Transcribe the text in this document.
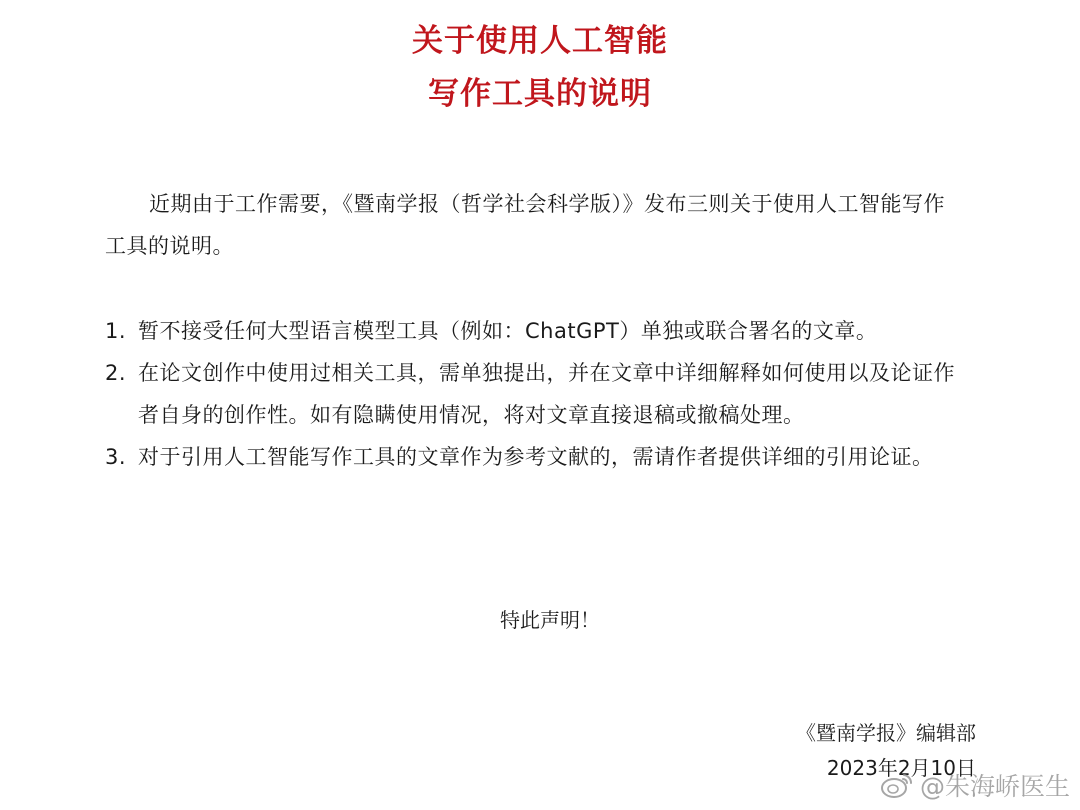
关于使用人工智能
写作工具的说明
近期由于工作需要，《暨南学报（哲学社会科学版）》发布三则关于使用人工智能写作工具的说明。
1. 暂不接受任何大型语言模型工具（例如：ChatGPT）单独或联合署名的文章。
2. 在论文创作中使用过相关工具，需单独提出，并在文章中详细解释如何使用以及论证作者自身的创作性。如有隐瞒使用情况，将对文章直接退稿或撤稿处理。
3. 对于引用人工智能写作工具的文章作为参考文献的，需请作者提供详细的引用论证。
特此声明！
《暨南学报》编辑部
2023年2月10日
@朱海峤医生
